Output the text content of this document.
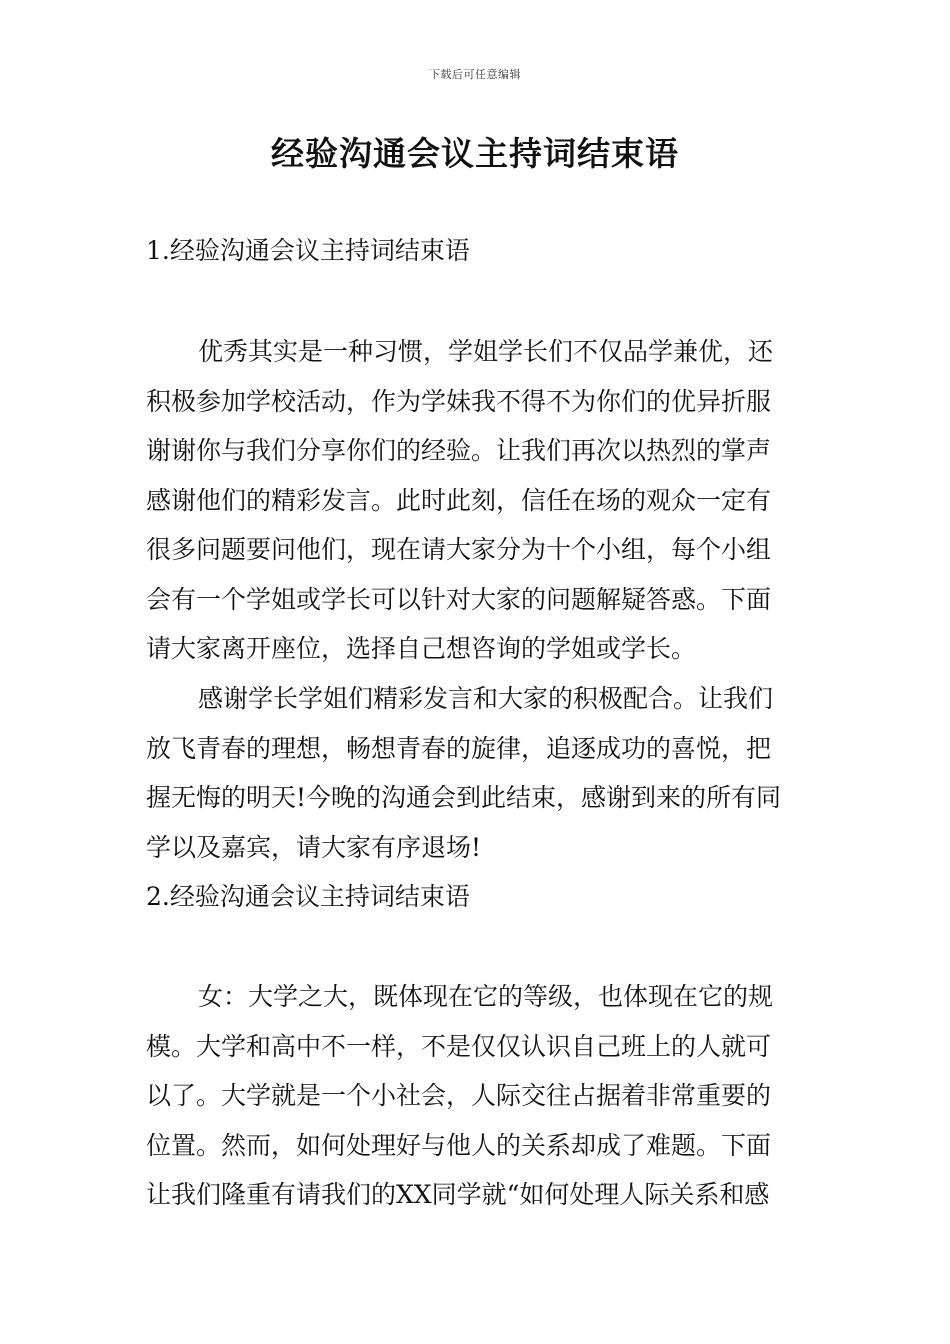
下载后可任意编辑
经验沟通会议主持词结束语
1.经验沟通会议主持词结束语
优秀其实是一种习惯，学姐学长们不仅品学兼优，还
积极参加学校活动，作为学妹我不得不为你们的优异折服
谢谢你与我们分享你们的经验。让我们再次以热烈的掌声
感谢他们的精彩发言。此时此刻，信任在场的观众一定有
很多问题要问他们，现在请大家分为十个小组，每个小组
会有一个学姐或学长可以针对大家的问题解疑答惑。下面
请大家离开座位，选择自己想咨询的学姐或学长。
感谢学长学姐们精彩发言和大家的积极配合。让我们
放飞青春的理想，畅想青春的旋律，追逐成功的喜悦，把
握无悔的明天!今晚的沟通会到此结束，感谢到来的所有同
学以及嘉宾，请大家有序退场!
2.经验沟通会议主持词结束语
女：大学之大，既体现在它的等级，也体现在它的规
模。大学和高中不一样，不是仅仅认识自己班上的人就可
以了。大学就是一个小社会，人际交往占据着非常重要的
位置。然而，如何处理好与他人的关系却成了难题。下面
让我们隆重有请我们的XX同学就“如何处理人际关系和感
